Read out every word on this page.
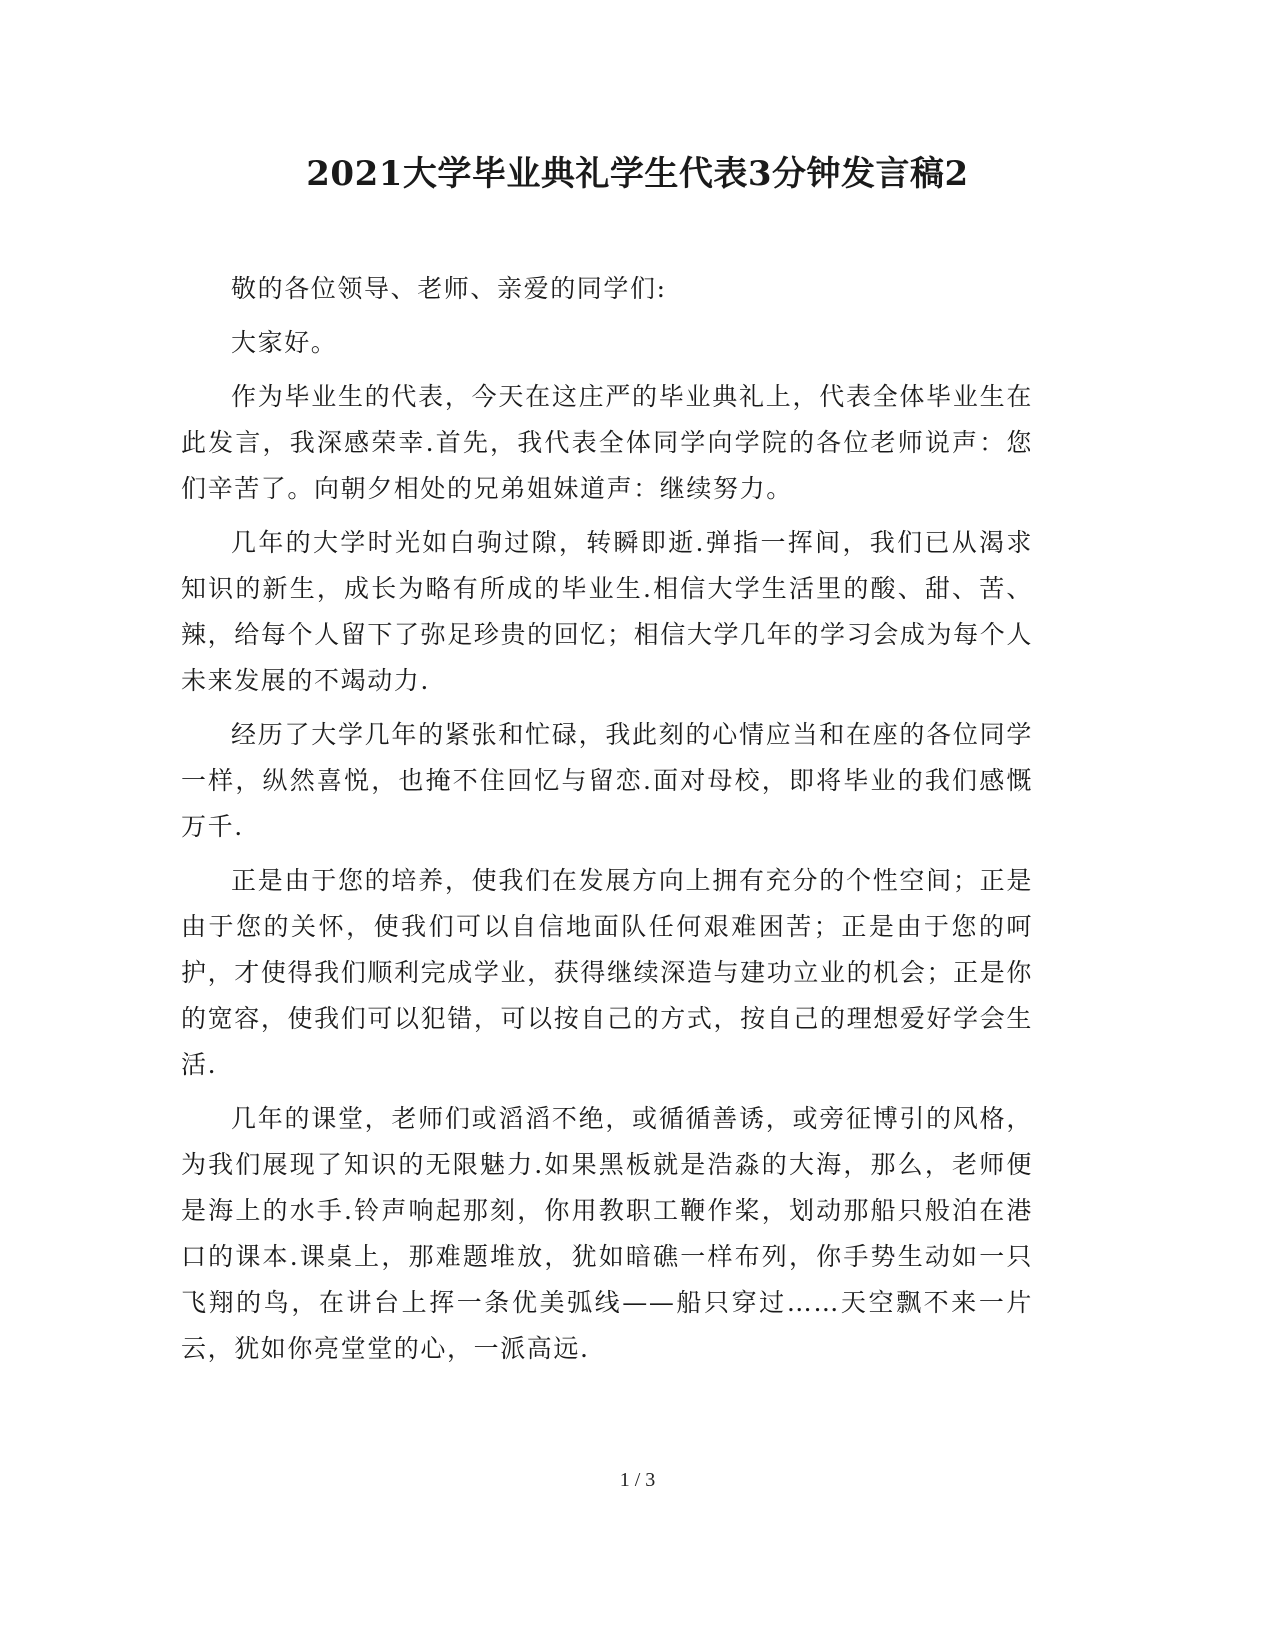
2021大学毕业典礼学生代表3分钟发言稿2

敬的各位领导、老师、亲爱的同学们:

大家好。

作为毕业生的代表，今天在这庄严的毕业典礼上，代表全体毕业生在此发言，我深感荣幸.首先，我代表全体同学向学院的各位老师说声：您们辛苦了。向朝夕相处的兄弟姐妹道声：继续努力。

几年的大学时光如白驹过隙，转瞬即逝.弹指一挥间，我们已从渴求知识的新生，成长为略有所成的毕业生.相信大学生活里的酸、甜、苦、辣，给每个人留下了弥足珍贵的回忆；相信大学几年的学习会成为每个人未来发展的不竭动力.

经历了大学几年的紧张和忙碌，我此刻的心情应当和在座的各位同学一样，纵然喜悦，也掩不住回忆与留恋.面对母校，即将毕业的我们感慨万千.

正是由于您的培养，使我们在发展方向上拥有充分的个性空间；正是由于您的关怀，使我们可以自信地面队任何艰难困苦；正是由于您的呵护，才使得我们顺利完成学业，获得继续深造与建功立业的机会；正是你的宽容，使我们可以犯错，可以按自己的方式，按自己的理想爱好学会生活.

几年的课堂，老师们或滔滔不绝，或循循善诱，或旁征博引的风格，为我们展现了知识的无限魅力.如果黑板就是浩淼的大海，那么，老师便是海上的水手.铃声响起那刻，你用教职工鞭作桨，划动那船只般泊在港口的课本.课桌上，那难题堆放，犹如暗礁一样布列，你手势生动如一只飞翔的鸟，在讲台上挥一条优美弧线——船只穿过……天空飘不来一片云，犹如你亮堂堂的心，一派高远.

1 / 3
